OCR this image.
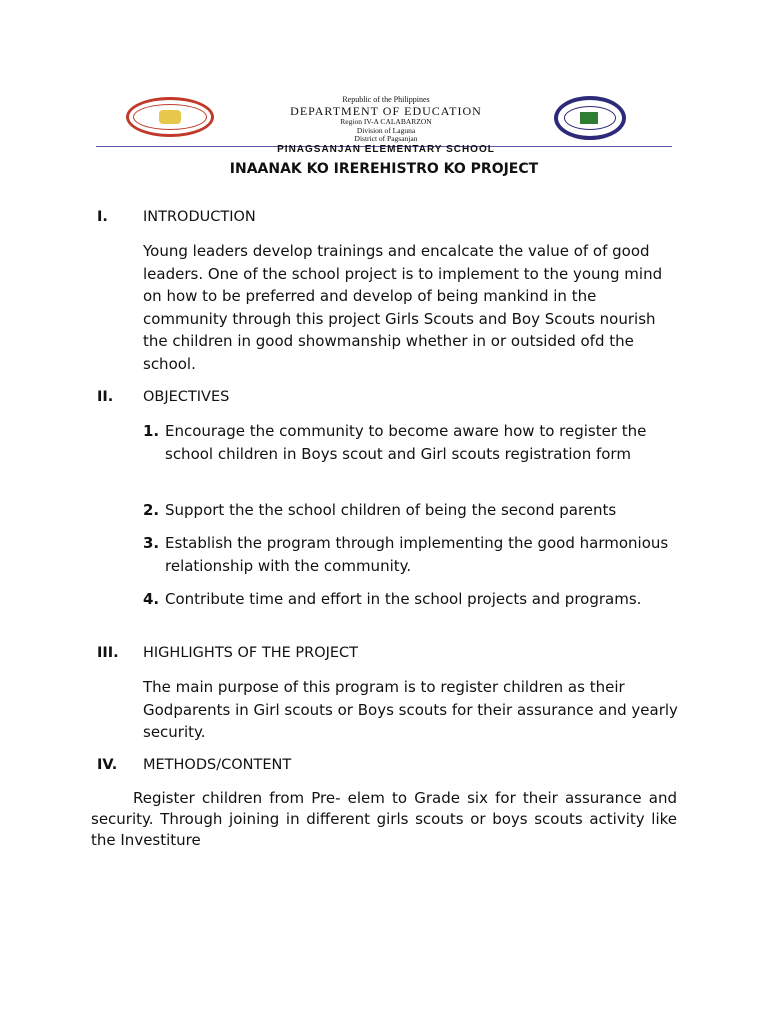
Republic of the Philippines
DEPARTMENT OF EDUCATION
Region IV-A CALABARZON
Division of Laguna
District of Pagsanjan
PINAGSANJAN ELEMENTARY SCHOOL
INAANAK KO IREREHISTRO KO PROJECT
I. INTRODUCTION
Young leaders develop trainings and encalcate the value of of good leaders. One of the school project is to implement to the young mind on how to be preferred and develop of being mankind in the community through this project Girls Scouts and Boy Scouts nourish the children in good showmanship whether in or outsided ofd the school.
II. OBJECTIVES
1. Encourage the community to become aware how to register the school children in Boys scout and Girl scouts registration form
2. Support the the school children of being the second parents
3. Establish the program through implementing the good harmonious relationship with the community.
4. Contribute time and effort in the school projects and programs.
III. HIGHLIGHTS OF THE PROJECT
The main purpose of this program is to register children as their Godparents in Girl scouts or Boys scouts for their assurance and yearly security.
IV. METHODS/CONTENT
Register children from Pre- elem to Grade six for their assurance and security. Through joining in different girls scouts or boys scouts activity like the Investiture
